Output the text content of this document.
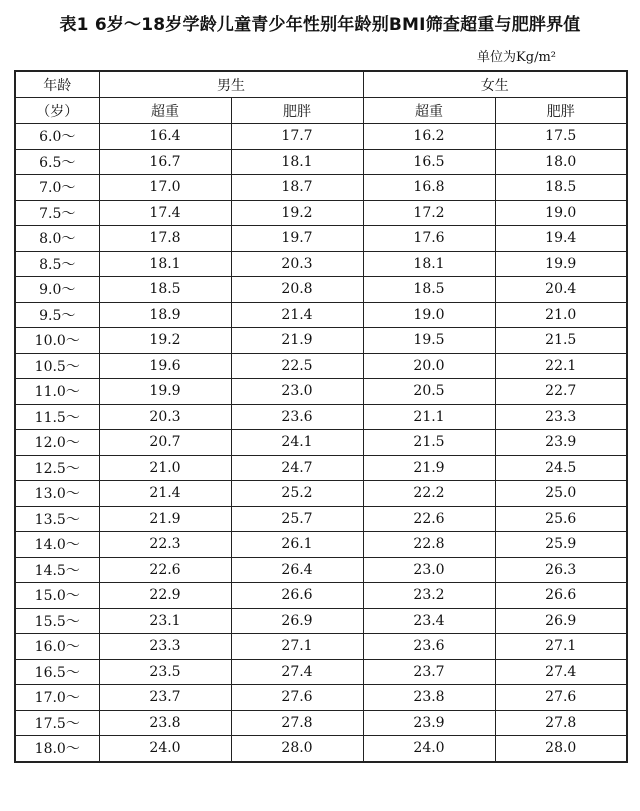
表1 6岁～18岁学龄儿童青少年性别年龄别BMI筛查超重与肥胖界值
单位为Kg/m²
年龄	男生		女生	
（岁）	超重	肥胖	超重	肥胖
6.0～	16.4	17.7	16.2	17.5
6.5～	16.7	18.1	16.5	18.0
7.0～	17.0	18.7	16.8	18.5
7.5～	17.4	19.2	17.2	19.0
8.0～	17.8	19.7	17.6	19.4
8.5～	18.1	20.3	18.1	19.9
9.0～	18.5	20.8	18.5	20.4
9.5～	18.9	21.4	19.0	21.0
10.0～	19.2	21.9	19.5	21.5
10.5～	19.6	22.5	20.0	22.1
11.0～	19.9	23.0	20.5	22.7
11.5～	20.3	23.6	21.1	23.3
12.0～	20.7	24.1	21.5	23.9
12.5～	21.0	24.7	21.9	24.5
13.0～	21.4	25.2	22.2	25.0
13.5～	21.9	25.7	22.6	25.6
14.0～	22.3	26.1	22.8	25.9
14.5～	22.6	26.4	23.0	26.3
15.0～	22.9	26.6	23.2	26.6
15.5～	23.1	26.9	23.4	26.9
16.0～	23.3	27.1	23.6	27.1
16.5～	23.5	27.4	23.7	27.4
17.0～	23.7	27.6	23.8	27.6
17.5～	23.8	27.8	23.9	27.8
18.0～	24.0	28.0	24.0	28.0
